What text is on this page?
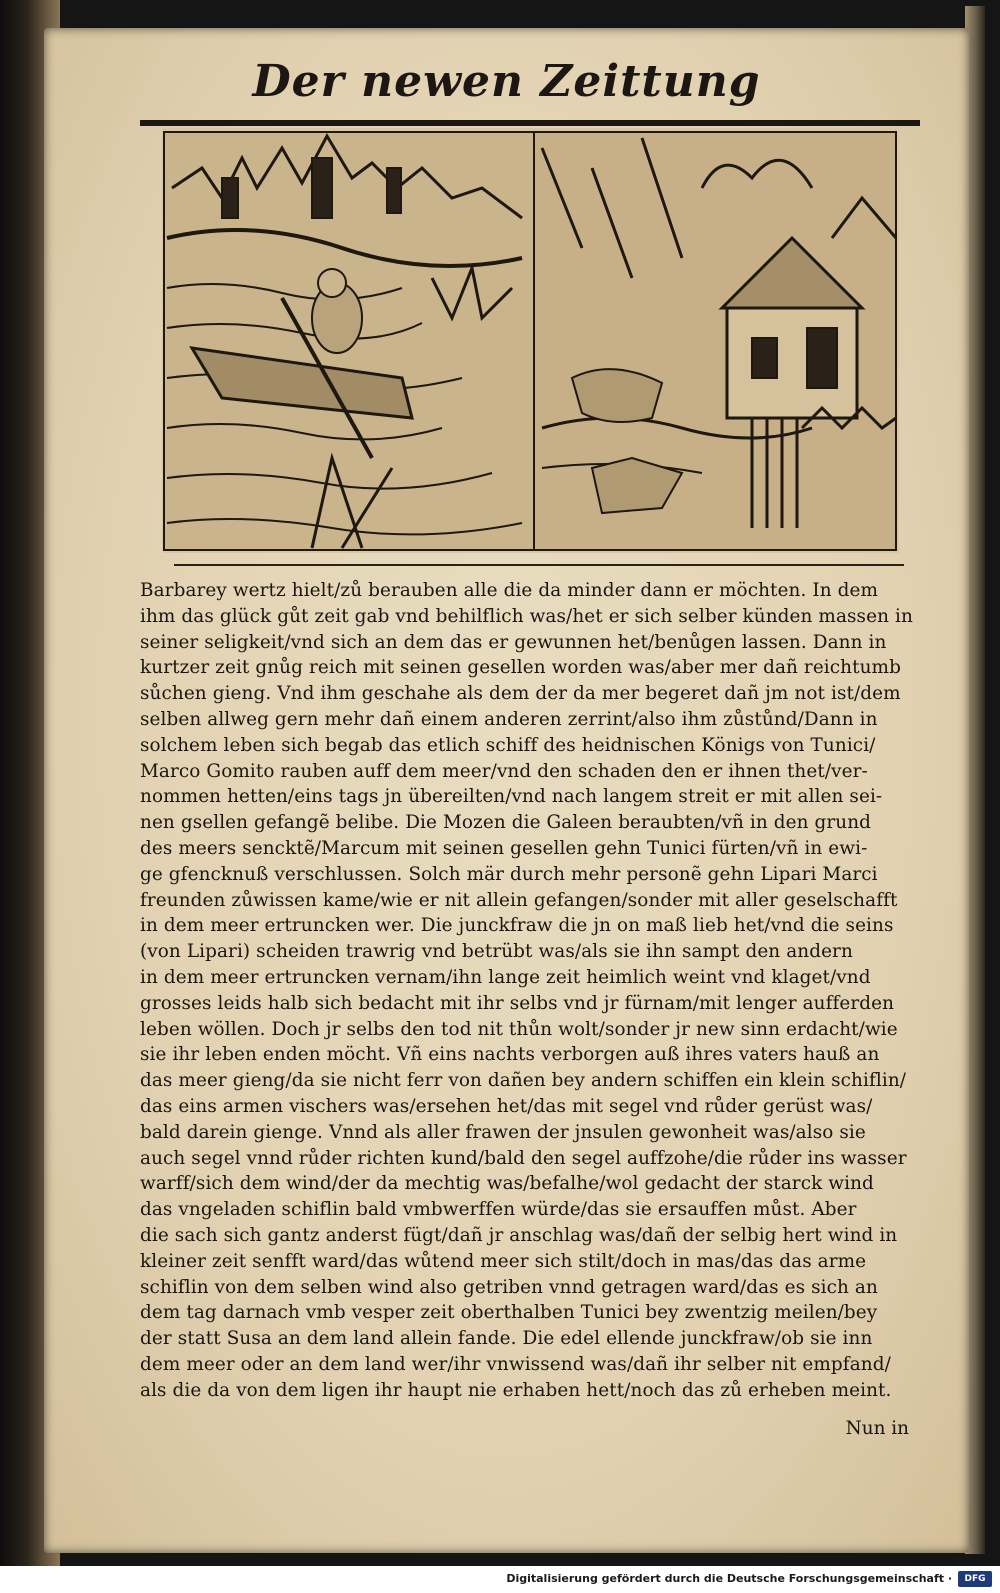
Der newen Zeittung
Barbarey wertz hielt/zů berauben alle die da minder dann er möchten. In dem
ihm das glück gůt zeit gab vnd behilflich was/het er sich selber künden massen in
seiner seligkeit/vnd sich an dem das er gewunnen het/benůgen lassen. Dann in
kurtzer zeit gnůg reich mit seinen gesellen worden was/aber mer dañ reichtumb
sůchen gieng. Vnd ihm geschahe als dem der da mer begeret dañ jm not ist/dem
selben allweg gern mehr dañ einem anderen zerrint/also ihm zůstůnd/Dann in
solchem leben sich begab das etlich schiff des heidnischen Königs von Tunici/
Marco Gomito rauben auff dem meer/vnd den schaden den er ihnen thet/ver-
nommen hetten/eins tags jn übereilten/vnd nach langem streit er mit allen sei-
nen gsellen gefangẽ belibe. Die Mozen die Galeen beraubten/vñ in den grund
des meers sencktẽ/Marcum mit seinen gesellen gehn Tunici fürten/vñ in ewi-
ge gfencknuß verschlussen. Solch mär durch mehr personẽ gehn Lipari Marci
freunden zůwissen kame/wie er nit allein gefangen/sonder mit aller geselschafft
in dem meer ertruncken wer. Die junckfraw die jn on maß lieb het/vnd die seins
(von Lipari) scheiden trawrig vnd betrübt was/als sie ihn sampt den andern
in dem meer ertruncken vernam/ihn lange zeit heimlich weint vnd klaget/vnd
grosses leids halb sich bedacht mit ihr selbs vnd jr fürnam/mit lenger aufferden
leben wöllen. Doch jr selbs den tod nit thůn wolt/sonder jr new sinn erdacht/wie
sie ihr leben enden möcht. Vñ eins nachts verborgen auß ihres vaters hauß an
das meer gieng/da sie nicht ferr von dañen bey andern schiffen ein klein schiflin/
das eins armen vischers was/ersehen het/das mit segel vnd růder gerüst was/
bald darein gienge. Vnnd als aller frawen der jnsulen gewonheit was/also sie
auch segel vnnd růder richten kund/bald den segel auffzohe/die růder ins wasser
warff/sich dem wind/der da mechtig was/befalhe/wol gedacht der starck wind
das vngeladen schiflin bald vmbwerffen würde/das sie ersauffen můst. Aber
die sach sich gantz anderst fügt/dañ jr anschlag was/dañ der selbig hert wind in
kleiner zeit senfft ward/das wůtend meer sich stilt/doch in mas/das das arme
schiflin von dem selben wind also getriben vnnd getragen ward/das es sich an
dem tag darnach vmb vesper zeit oberthalben Tunici bey zwentzig meilen/bey
der statt Susa an dem land allein fande. Die edel ellende junckfraw/ob sie inn
dem meer oder an dem land wer/ihr vnwissend was/dañ ihr selber nit empfand/
als die da von dem ligen ihr haupt nie erhaben hett/noch das zů erheben meint.
Nun in
Digitalisierung gefördert durch die Deutsche Forschungsgemeinschaft ·	DFG
